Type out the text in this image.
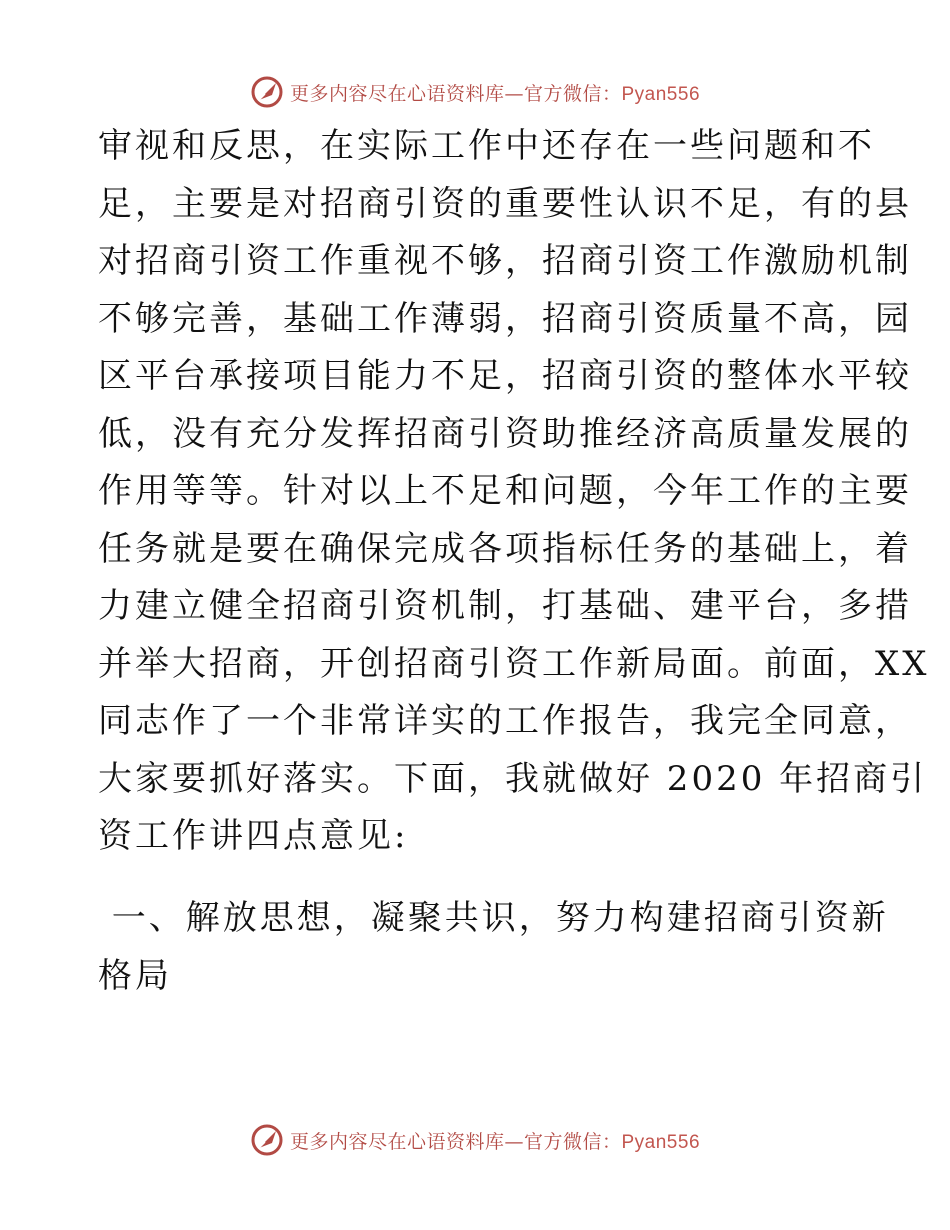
更多内容尽在心语资料库—官方微信：Pyan556
审视和反思，在实际工作中还存在一些问题和不
足，主要是对招商引资的重要性认识不足，有的县
对招商引资工作重视不够，招商引资工作激励机制
不够完善，基础工作薄弱，招商引资质量不高，园
区平台承接项目能力不足，招商引资的整体水平较
低，没有充分发挥招商引资助推经济高质量发展的
作用等等。针对以上不足和问题，今年工作的主要
任务就是要在确保完成各项指标任务的基础上，着
力建立健全招商引资机制，打基础、建平台，多措
并举大招商，开创招商引资工作新局面。前面，XX
同志作了一个非常详实的工作报告，我完全同意，
大家要抓好落实。下面，我就做好 2020 年招商引
资工作讲四点意见:
一、解放思想，凝聚共识，努力构建招商引资新
格局
更多内容尽在心语资料库—官方微信：Pyan556
